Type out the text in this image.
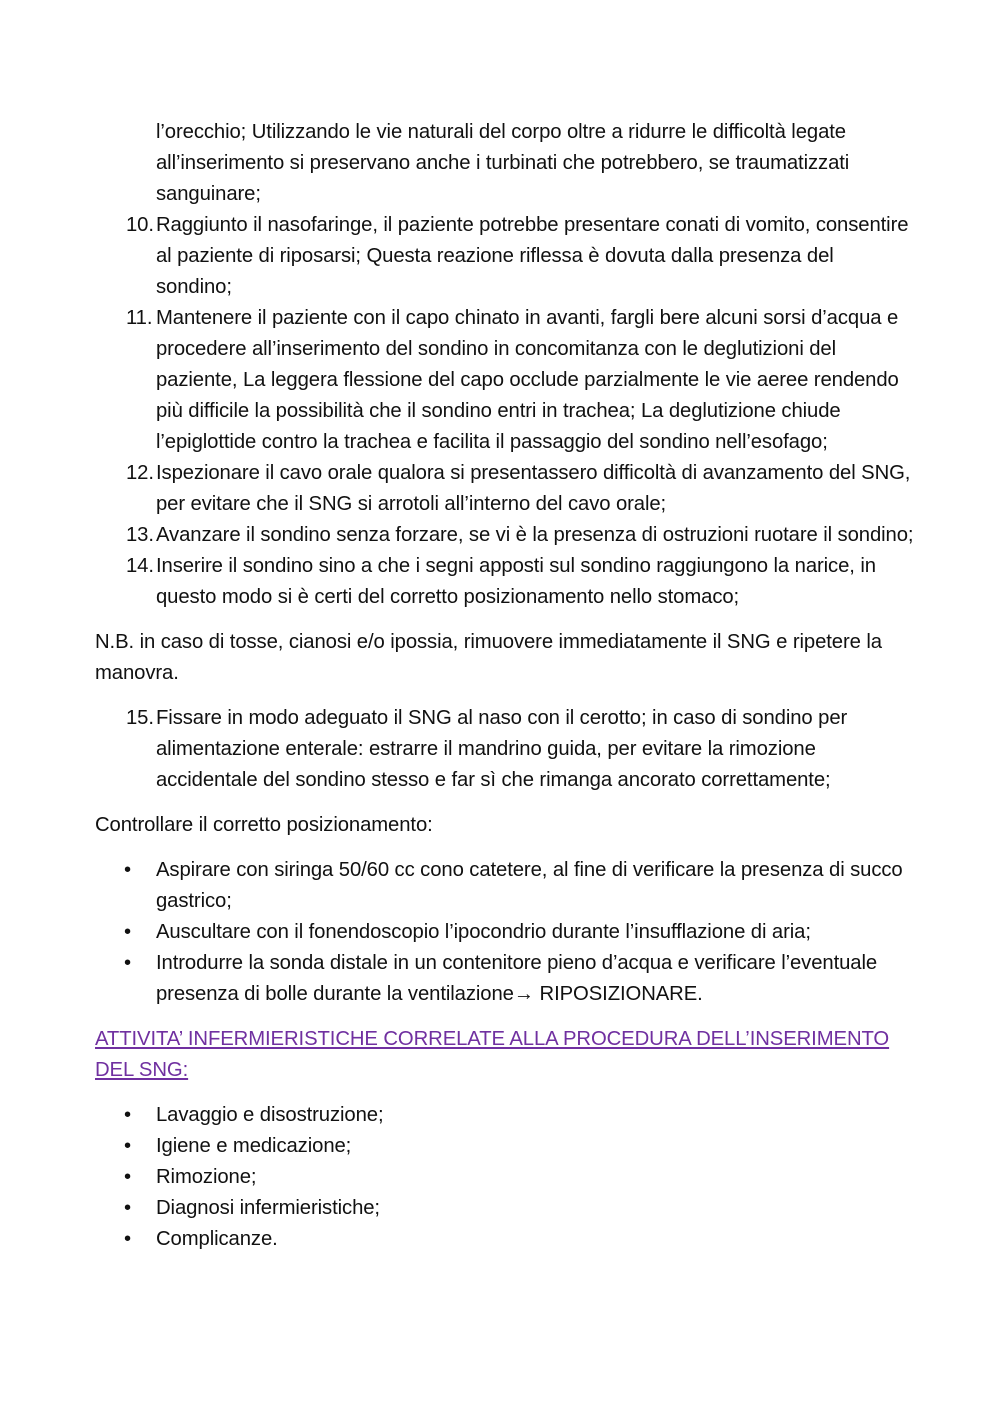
l’orecchio; Utilizzando le vie naturali del corpo oltre a ridurre le difficoltà legate all’inserimento si preservano anche i turbinati che potrebbero, se traumatizzati sanguinare;
10. Raggiunto il nasofaringe, il paziente potrebbe presentare conati di vomito, consentire al paziente di riposarsi; Questa reazione riflessa è dovuta dalla presenza del sondino;
11. Mantenere il paziente con il capo chinato in avanti, fargli bere alcuni sorsi d’acqua e procedere all’inserimento del sondino in concomitanza con le deglutizioni del paziente, La leggera flessione del capo occlude parzialmente le vie aeree rendendo più difficile la possibilità che il sondino entri in trachea; La deglutizione chiude l’epiglottide contro la trachea e facilita il passaggio del sondino nell’esofago;
12. Ispezionare il cavo orale qualora si presentassero difficoltà di avanzamento del SNG, per evitare che il SNG si arrotoli all’interno del cavo orale;
13. Avanzare il sondino senza forzare, se vi è la presenza di ostruzioni ruotare il sondino;
14. Inserire il sondino sino a che i segni apposti sul sondino raggiungono la narice, in questo modo si è certi del corretto posizionamento nello stomaco;

N.B. in caso di tosse, cianosi e/o ipossia, rimuovere immediatamente il SNG e ripetere la manovra.

15. Fissare in modo adeguato il SNG al naso con il cerotto; in caso di sondino per alimentazione enterale: estrarre il mandrino guida, per evitare la rimozione accidentale del sondino stesso e far sì che rimanga ancorato correttamente;

Controllare il corretto posizionamento:

•	Aspirare con siringa 50/60 cc cono catetere, al fine di verificare la presenza di succo gastrico;
•	Auscultare con il fonendoscopio l’ipocondrio durante l’insufflazione di aria;
•	Introdurre la sonda distale in un contenitore pieno d’acqua e verificare l’eventuale presenza di bolle durante la ventilazione→ RIPOSIZIONARE.

ATTIVITA’ INFERMIERISTICHE CORRELATE ALLA PROCEDURA DELL’INSERIMENTO DEL SNG:

•	Lavaggio e disostruzione;
•	Igiene e medicazione;
•	Rimozione;
•	Diagnosi infermieristiche;
•	Complicanze.
